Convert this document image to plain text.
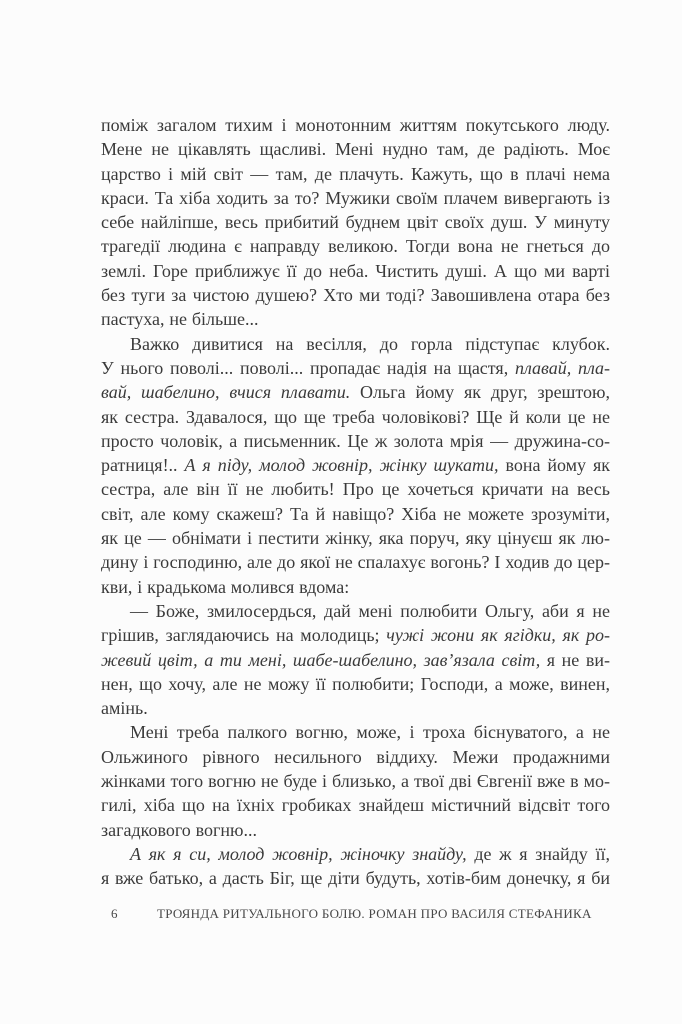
поміж загалом тихим і монотонним життям покутського люду.
Мене не цікавлять щасливі. Мені нудно там, де радіють. Моє
царство і мій світ — там, де плачуть. Кажуть, що в плачі нема
краси. Та хіба ходить за то? Мужики своїм плачем вивергають із
себе найліпше, весь прибитий буднем цвіт своїх душ. У минуту
трагедії людина є направду великою. Тогди вона не гнеться до
землі. Горе приближує її до неба. Чистить душі. А що ми варті
без туги за чистою душею? Хто ми тоді? Завошивлена отара без
пастуха, не більше...
Важко дивитися на весілля, до горла підступає клубок.
У нього поволі... поволі... пропадає надія на щастя, плавай, пла-
вай, шабелино, вчися плавати. Ольга йому як друг, зрештою,
як сестра. Здавалося, що ще треба чоловікові? Ще й коли це не
просто чоловік, а письменник. Це ж золота мрія — дружина-со-
ратниця!.. А я піду, молод жовнір, жінку шукати, вона йому як
сестра, але він її не любить! Про це хочеться кричати на весь
світ, але кому скажеш? Та й навіщо? Хіба не можете зрозуміти,
як це — обнімати і пестити жінку, яка поруч, яку цінуєш як лю-
дину і господиню, але до якої не спалахує вогонь? І ходив до цер-
кви, і крадькома молився вдома:
— Боже, змилосердься, дай мені полюбити Ольгу, аби я не
грішив, заглядаючись на молодиць; чужі жони як ягідки, як ро-
жевий цвіт, а ти мені, шабе-шабелино, зав’язала світ, я не ви-
нен, що хочу, але не можу її полюбити; Господи, а може, винен,
амінь.
Мені треба палкого вогню, може, і троха біснуватого, а не
Ольжиного рівного несильного віддиху. Межи продажними
жінками того вогню не буде і близько, а твої дві Євгенії вже в мо-
гилі, хіба що на їхніх гробиках знайдеш містичний відсвіт того
загадкового вогню...
А як я си, молод жовнір, жіночку знайду, де ж я знайду її,
я вже батько, а дасть Біг, ще діти будуть, хотів-бим донечку, я би
6	ТРОЯНДА РИТУАЛЬНОГО БОЛЮ. РОМАН ПРО ВАСИЛЯ СТЕФАНИКА
